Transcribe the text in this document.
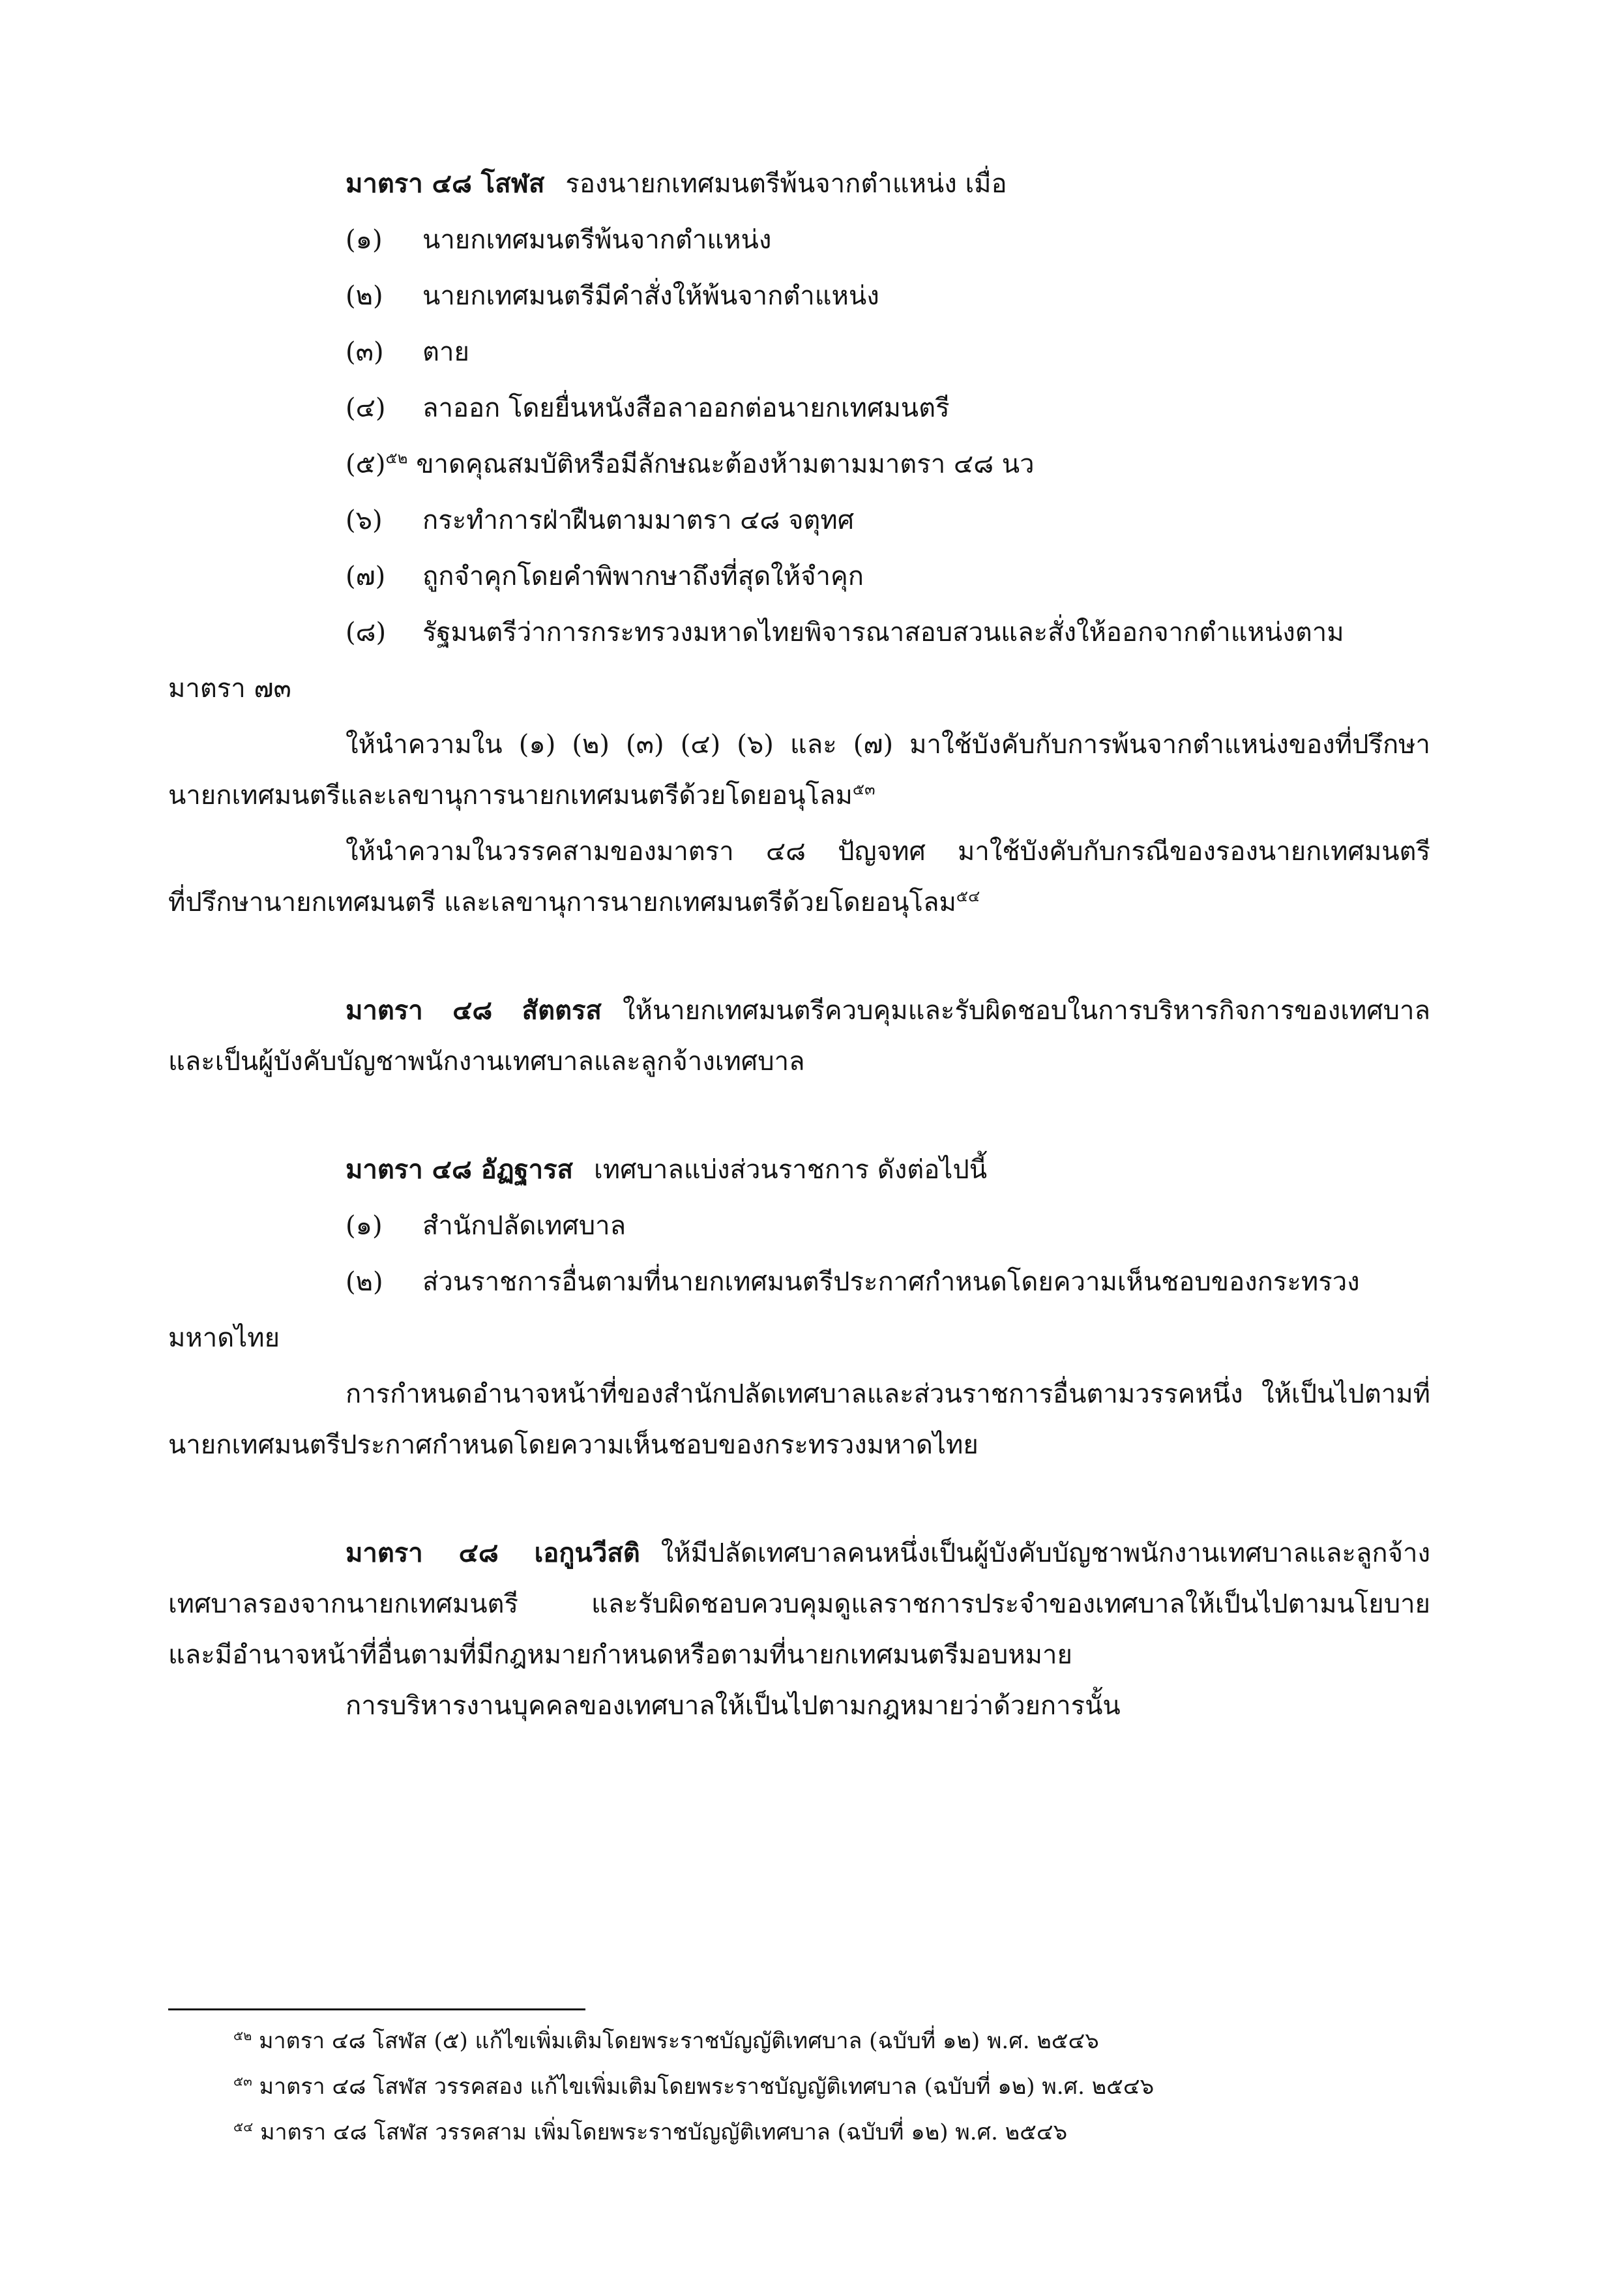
มาตรา ๔๘ โสฬส รองนายกเทศมนตรีพ้นจากตำแหน่ง เมื่อ
(๑) นายกเทศมนตรีพ้นจากตำแหน่ง
(๒) นายกเทศมนตรีมีคำสั่งให้พ้นจากตำแหน่ง
(๓) ตาย
(๔) ลาออก โดยยื่นหนังสือลาออกต่อนายกเทศมนตรี
(๕)$^{๕๒}$ ขาดคุณสมบัติหรือมีลักษณะต้องห้ามตามมาตรา ๔๘ นว
(๖) กระทำการฝ่าฝืนตามมาตรา ๔๘ จตุทศ
(๗) ถูกจำคุกโดยคำพิพากษาถึงที่สุดให้จำคุก
(๘) รัฐมนตรีว่าการกระทรวงมหาดไทยพิจารณาสอบสวนและสั่งให้ออกจากตำแหน่งตาม
มาตรา ๗๓
ให้นำความใน (๑) (๒) (๓) (๔) (๖) และ (๗) มาใช้บังคับกับการพ้นจากตำแหน่งของที่ปรึกษา
นายกเทศมนตรีและเลขานุการนายกเทศมนตรีด้วยโดยอนุโลม$^{๕๓}$
ให้นำความในวรรคสามของมาตรา ๔๘ ปัญจทศ มาใช้บังคับกับกรณีของรองนายกเทศมนตรี
ที่ปรึกษานายกเทศมนตรี และเลขานุการนายกเทศมนตรีด้วยโดยอนุโลม$^{๕๔}$
มาตรา ๔๘ สัตตรส ให้นายกเทศมนตรีควบคุมและรับผิดชอบในการบริหารกิจการของเทศบาล
และเป็นผู้บังคับบัญชาพนักงานเทศบาลและลูกจ้างเทศบาล
มาตรา ๔๘ อัฏฐารส เทศบาลแบ่งส่วนราชการ ดังต่อไปนี้
(๑) สำนักปลัดเทศบาล
(๒) ส่วนราชการอื่นตามที่นายกเทศมนตรีประกาศกำหนดโดยความเห็นชอบของกระทรวง
มหาดไทย
การกำหนดอำนาจหน้าที่ของสำนักปลัดเทศบาลและส่วนราชการอื่นตามวรรคหนึ่ง ให้เป็นไปตามที่
นายกเทศมนตรีประกาศกำหนดโดยความเห็นชอบของกระทรวงมหาดไทย
มาตรา ๔๘ เอกูนวีสติ ให้มีปลัดเทศบาลคนหนึ่งเป็นผู้บังคับบัญชาพนักงานเทศบาลและลูกจ้าง
เทศบาลรองจากนายกเทศมนตรี และรับผิดชอบควบคุมดูแลราชการประจำของเทศบาลให้เป็นไปตามนโยบาย
และมีอำนาจหน้าที่อื่นตามที่มีกฎหมายกำหนดหรือตามที่นายกเทศมนตรีมอบหมาย
การบริหารงานบุคคลของเทศบาลให้เป็นไปตามกฎหมายว่าด้วยการนั้น
$^{๕๒}$ มาตรา ๔๘ โสฬส (๕) แก้ไขเพิ่มเติมโดยพระราชบัญญัติเทศบาล (ฉบับที่ ๑๒) พ.ศ. ๒๕๔๖
$^{๕๓}$ มาตรา ๔๘ โสฬส วรรคสอง แก้ไขเพิ่มเติมโดยพระราชบัญญัติเทศบาล (ฉบับที่ ๑๒) พ.ศ. ๒๕๔๖
$^{๕๔}$ มาตรา ๔๘ โสฬส วรรคสาม เพิ่มโดยพระราชบัญญัติเทศบาล (ฉบับที่ ๑๒) พ.ศ. ๒๕๔๖
